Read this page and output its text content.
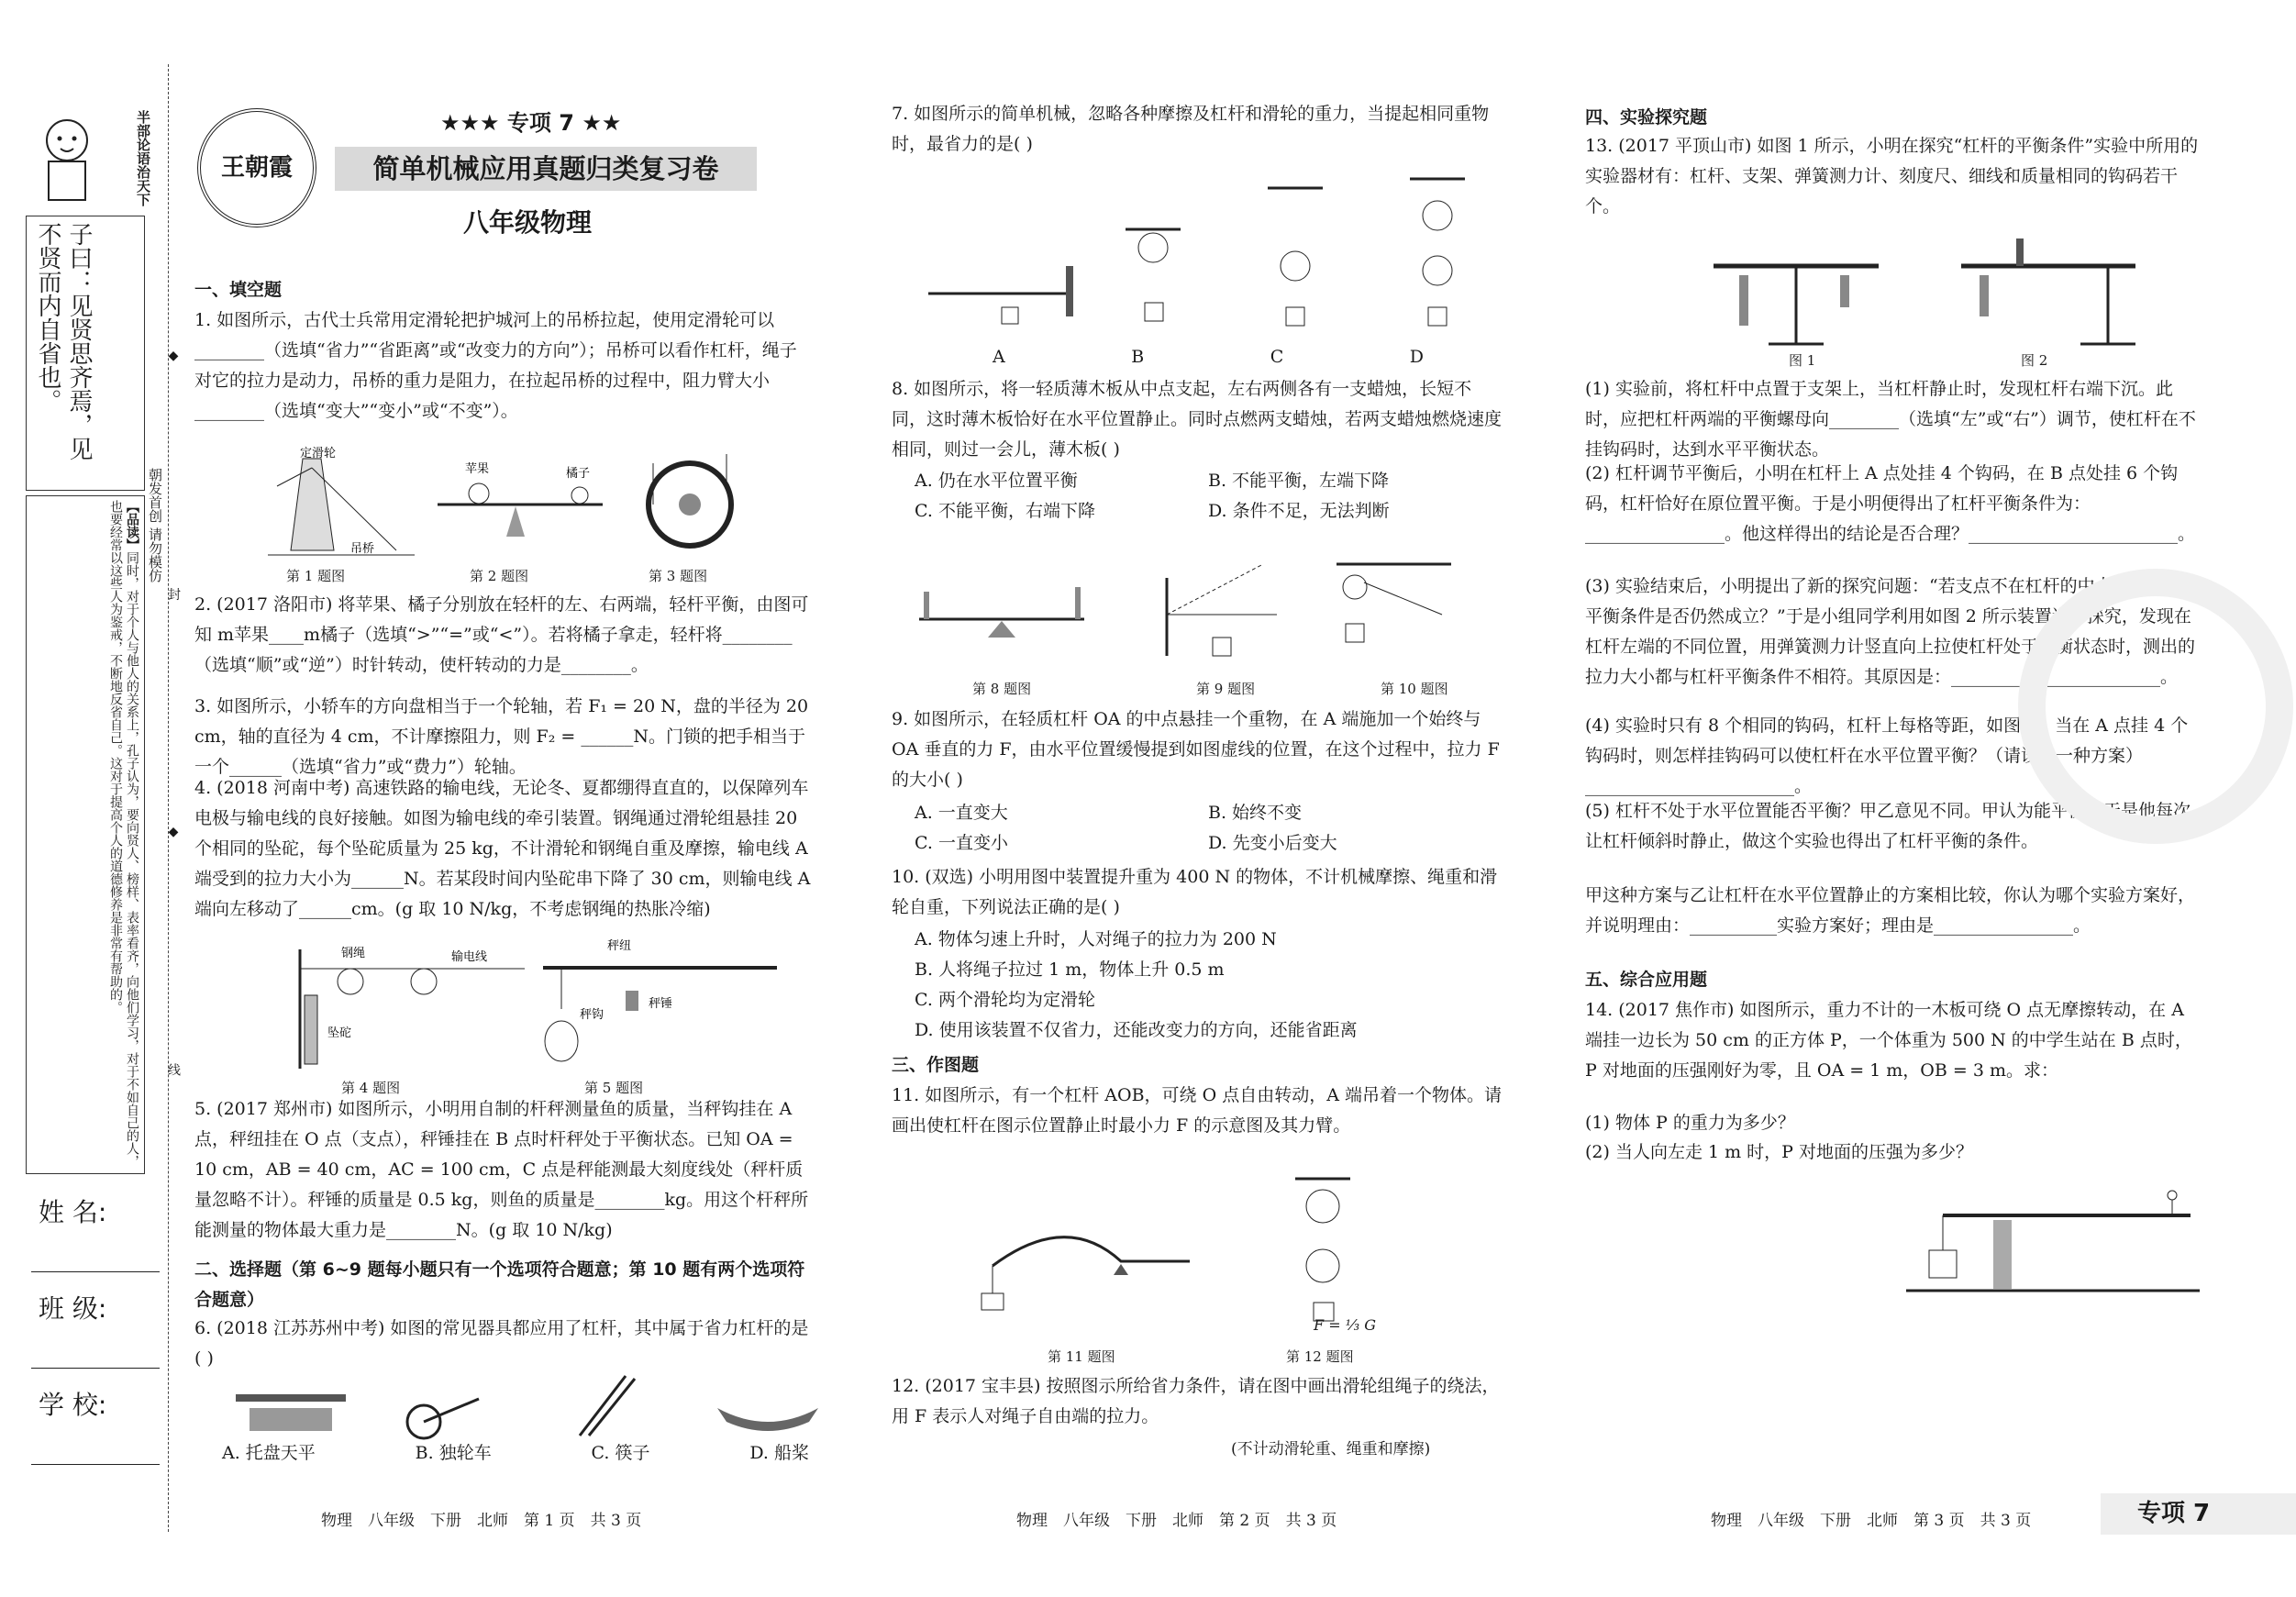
半部论语治天下
子曰：见贤思齐焉，见不贤而内自省也。
【品读】同时，对于个人与他人的关系上，孔子认为，要向贤人、榜样、表率看齐，向他们学习，对于不如自己的人，也要经常以这些人为鉴戒，不断地反省自己。这对于提高个人的道德修养是非常有帮助的。	朝发首创 请勿模仿 ◆ 封 ◆ 线
姓 名:
班 级:
学 校:
王朝霞
★★★ 专项 7 ★★
简单机械应用真题归类复习卷
八年级物理
一、填空题
1. 如图所示，古代士兵常用定滑轮把护城河上的吊桥拉起，使用定滑轮可以________（选填“省力”“省距离”或“改变力的方向”）；吊桥可以看作杠杆，绳子对它的拉力是动力，吊桥的重力是阻力，在拉起吊桥的过程中，阻力臂大小________（选填“变大”“变小”或“不变”）。
定滑轮
吊桥
苹果	橘子
第 1 题图	第 2 题图	第 3 题图
2. (2017 洛阳市) 将苹果、橘子分别放在轻杆的左、右两端，轻杆平衡，由图可知 m苹果____m橘子（选填“>”“=”或“<”）。若将橘子拿走，轻杆将________（选填“顺”或“逆”）时针转动，使杆转动的力是________。
3. 如图所示，小轿车的方向盘相当于一个轮轴，若 F₁ = 20 N，盘的半径为 20 cm，轴的直径为 4 cm，不计摩擦阻力，则 F₂ = ______N。门锁的把手相当于一个______（选填“省力”或“费力”）轮轴。
4. (2018 河南中考) 高速铁路的输电线，无论冬、夏都绷得直直的，以保障列车电极与输电线的良好接触。如图为输电线的牵引装置。钢绳通过滑轮组悬挂 20 个相同的坠砣，每个坠砣质量为 25 kg，不计滑轮和钢绳自重及摩擦，输电线 A 端受到的拉力大小为______N。若某段时间内坠砣串下降了 30 cm，则输电线 A 端向左移动了______cm。(g 取 10 N/kg，不考虑钢绳的热胀冷缩)
钢绳	输电线
坠砣
秤纽
秤钩
秤锤
第 4 题图	第 5 题图
5. (2017 郑州市) 如图所示，小明用自制的杆秤测量鱼的质量，当秤钩挂在 A 点，秤纽挂在 O 点（支点），秤锤挂在 B 点时杆秤处于平衡状态。已知 OA = 10 cm，AB = 40 cm，AC = 100 cm，C 点是秤能测最大刻度线处（秤杆质量忽略不计）。秤锤的质量是 0.5 kg，则鱼的质量是________kg。用这个杆秤所能测量的物体最大重力是________N。(g 取 10 N/kg)
二、选择题（第 6~9 题每小题只有一个选项符合题意；第 10 题有两个选项符合题意）
6. (2018 江苏苏州中考) 如图的常见器具都应用了杠杆，其中属于省力杠杆的是( )
A. 托盘天平	B. 独轮车	C. 筷子	D. 船桨
7. 如图所示的简单机械，忽略各种摩擦及杠杆和滑轮的重力，当提起相同重物时，最省力的是( )
A	B	C	D
8. 如图所示，将一轻质薄木板从中点支起，左右两侧各有一支蜡烛，长短不同，这时薄木板恰好在水平位置静止。同时点燃两支蜡烛，若两支蜡烛燃烧速度相同，则过一会儿，薄木板( )
A. 仍在水平位置平衡	B. 不能平衡，左端下降
C. 不能平衡，右端下降	D. 条件不足，无法判断
第 8 题图	第 9 题图	第 10 题图
9. 如图所示，在轻质杠杆 OA 的中点悬挂一个重物，在 A 端施加一个始终与 OA 垂直的力 F，由水平位置缓慢提到如图虚线的位置，在这个过程中，拉力 F 的大小( )
A. 一直变大	B. 始终不变
C. 一直变小	D. 先变小后变大
10. (双选) 小明用图中装置提升重为 400 N 的物体，不计机械摩擦、绳重和滑轮自重，下列说法正确的是( )
A. 物体匀速上升时，人对绳子的拉力为 200 N
B. 人将绳子拉过 1 m，物体上升 0.5 m
C. 两个滑轮均为定滑轮
D. 使用该装置不仅省力，还能改变力的方向，还能省距离
三、作图题
11. 如图所示，有一个杠杆 AOB，可绕 O 点自由转动，A 端吊着一个物体。请画出使杠杆在图示位置静止时最小力 F 的示意图及其力臂。
F = ⅓ G
第 11 题图	第 12 题图
12. (2017 宝丰县) 按照图示所给省力条件，请在图中画出滑轮组绳子的绕法，用 F 表示人对绳子自由端的拉力。
(不计动滑轮重、绳重和摩擦)
四、实验探究题
13. (2017 平顶山市) 如图 1 所示，小明在探究“杠杆的平衡条件”实验中所用的实验器材有：杠杆、支架、弹簧测力计、刻度尺、细线和质量相同的钩码若干个。
图 1	图 2
(1) 实验前，将杠杆中点置于支架上，当杠杆静止时，发现杠杆右端下沉。此时，应把杠杆两端的平衡螺母向________（选填“左”或“右”）调节，使杠杆在不挂钩码时，达到水平平衡状态。
(2) 杠杆调节平衡后，小明在杠杆上 A 点处挂 4 个钩码，在 B 点处挂 6 个钩码，杠杆恰好在原位置平衡。于是小明便得出了杠杆平衡条件为：________________。他这样得出的结论是否合理？________________________。
(3) 实验结束后，小明提出了新的探究问题：“若支点不在杠杆的中点时，杠杆的平衡条件是否仍然成立？”于是小组同学利用如图 2 所示装置进行探究，发现在杠杆左端的不同位置，用弹簧测力计竖直向上拉使杠杆处于平衡状态时，测出的拉力大小都与杠杆平衡条件不相符。其原因是：________________________。
(4) 实验时只有 8 个相同的钩码，杠杆上每格等距，如图 1，当在 A 点挂 4 个钩码时，则怎样挂钩码可以使杠杆在水平位置平衡？（请设计一种方案）________________________。
(5) 杠杆不处于水平位置能否平衡？甲乙意见不同。甲认为能平衡。于是他每次让杠杆倾斜时静止，做这个实验也得出了杠杆平衡的条件。
甲这种方案与乙让杠杆在水平位置静止的方案相比较，你认为哪个实验方案好，并说明理由：__________实验方案好；理由是________________。
五、综合应用题
14. (2017 焦作市) 如图所示，重力不计的一木板可绕 O 点无摩擦转动，在 A 端挂一边长为 50 cm 的正方体 P，一个体重为 500 N 的中学生站在 B 点时，P 对地面的压强刚好为零，且 OA = 1 m，OB = 3 m。求：
(1) 物体 P 的重力为多少？
(2) 当人向左走 1 m 时，P 对地面的压强为多少？
物理　八年级　下册　北师　第 1 页　共 3 页	物理　八年级　下册　北师　第 2 页　共 3 页	物理　八年级　下册　北师　第 3 页　共 3 页	专项 7
